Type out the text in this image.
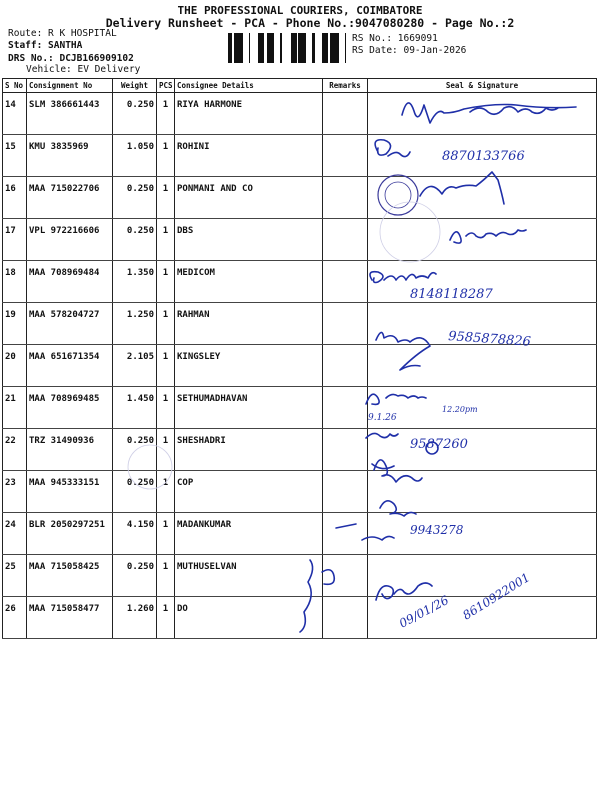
THE PROFESSIONAL COURIERS, COIMBATORE
Delivery Runsheet - PCA - Phone No.:9047080280 - Page No.:2
Route: R K HOSPITAL
Staff: SANTHA
DRS No.: DCJB166909102
Vehicle: EV Delivery
RS No.: 1669091
RS Date: 09-Jan-2026
S No	Consignment No	Weight	PCS	Consignee Details	Remarks	Seal & Signature

14	SLM 386661443	0.250	1	RIYA HARMONE		

15	KMU 3835969	1.050	1	ROHINI		

16	MAA 715022706	0.250	1	PONMANI AND CO		

17	VPL 972216606	0.250	1	DBS		

18	MAA 708969484	1.350	1	MEDICOM		

19	MAA 578204727	1.250	1	RAHMAN		

20	MAA 651671354	2.105	1	KINGSLEY		

21	MAA 708969485	1.450	1	SETHUMADHAVAN		

22	TRZ 31490936	0.250	1	SHESHADRI		

23	MAA 945333151	0.250	1	COP		

24	BLR 2050297251	4.150	1	MADANKUMAR		

25	MAA 715058425	0.250	1	MUTHUSELVAN		

26	MAA 715058477	1.260	1	DO		

8870133766
8148118287
9585878826
9.1.26
12.20pm
9587260
9943278
09/01/26 8610922001
